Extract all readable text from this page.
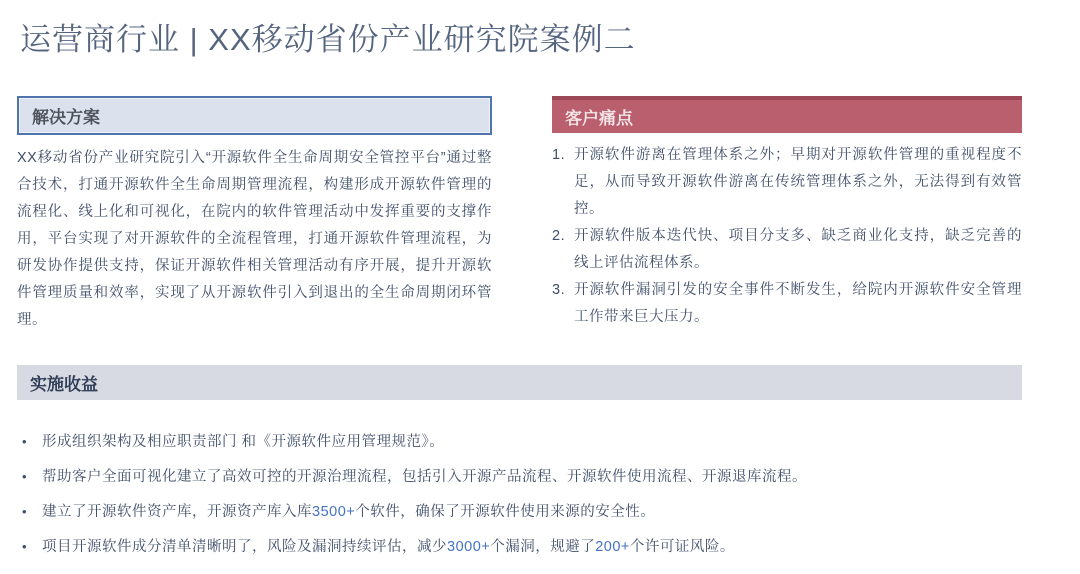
运营商行业 | XX移动省份产业研究院案例二
解决方案

XX移动省份产业研究院引入“开源软件全生命周期安全管控平台”通过整合技术，打通开源软件全生命周期管理流程，构建形成开源软件管理的流程化、线上化和可视化，在院内的软件管理活动中发挥重要的支撑作用，平台实现了对开源软件的全流程管理，打通开源软件管理流程，为研发协作提供支持，保证开源软件相关管理活动有序开展，提升开源软件管理质量和效率，实现了从开源软件引入到退出的全生命周期闭环管理。

客户痛点
1. 开源软件游离在管理体系之外；早期对开源软件管理的重视程度不足，从而导致开源软件游离在传统管理体系之外，无法得到有效管控。
2. 开源软件版本迭代快、项目分支多、缺乏商业化支持，缺乏完善的线上评估流程体系。
3. 开源软件漏洞引发的安全事件不断发生，给院内开源软件安全管理工作带来巨大压力。
实施收益
•	形成组织架构及相应职责部门 和《开源软件应用管理规范》。
•	帮助客户全面可视化建立了高效可控的开源治理流程，包括引入开源产品流程、开源软件使用流程、开源退库流程。
•	建立了开源软件资产库，开源资产库入库3500+个软件，确保了开源软件使用来源的安全性。
•	项目开源软件成分清单清晰明了，风险及漏洞持续评估，减少3000+个漏洞，规避了200+个许可证风险。
